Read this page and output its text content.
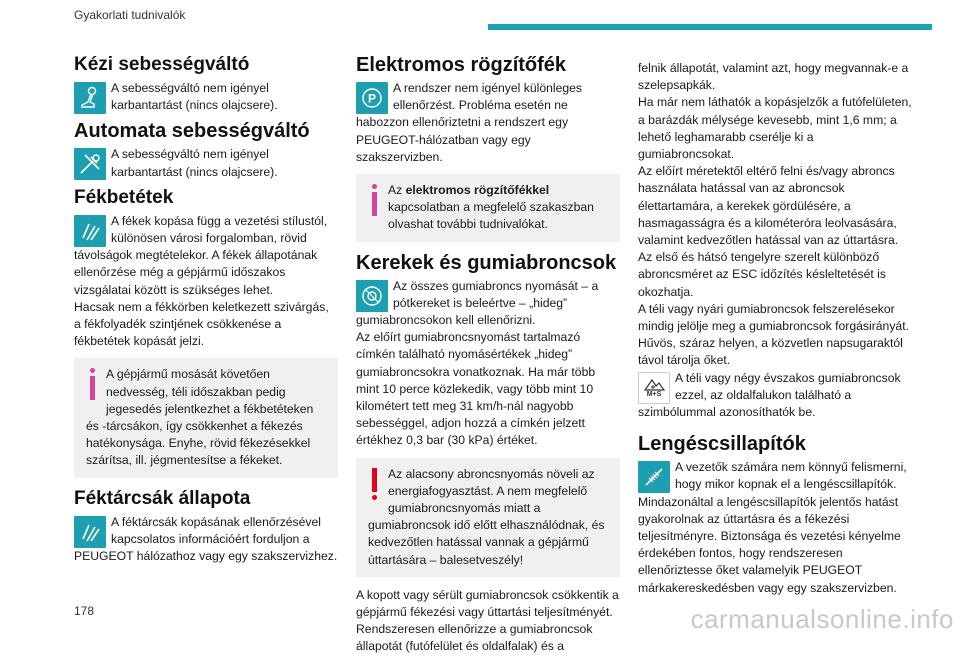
Gyakorlati tudnivalók
Kézi sebességváltó

A sebességváltó nem igényel karbantartást (nincs olajcsere).

Automata sebességváltó

A sebességváltó nem igényel karbantartást (nincs olajcsere).

Fékbetétek

A fékek kopása függ a vezetési stílustól, különösen városi forgalomban, rövid távolságok megtételekor. A fékek állapotának ellenőrzése még a gépjármű időszakos vizsgálatai között is szükséges lehet.

Hacsak nem a fékkörben keletkezett szivárgás, a fékfolyadék szintjének csökkenése a fékbetétek kopását jelzi.

A gépjármű mosását követően nedvesség, téli időszakban pedig jegesedés jelentkezhet a fékbetéteken és -tárcsákon, így csökkenhet a fékezés hatékonysága. Enyhe, rövid fékezésekkel szárítsa, ill. jégmentesítse a fékeket.

Féktárcsák állapota

A féktárcsák kopásának ellenőrzésével kapcsolatos információért forduljon a PEUGEOT hálózathoz vagy egy szakszervizhez.

Elektromos rögzítőfék
P

A rendszer nem igényel különleges ellenőrzést. Probléma esetén ne habozzon ellenőriztetni a rendszert egy PEUGEOT-hálózatban vagy egy szakszervizben.

Az elektromos rögzítőfékkel kapcsolatban a megfelelő szakaszban olvashat további tudnivalókat.

Kerekek és gumiabroncsok

Az összes gumiabroncs nyomását – a pótkereket is beleértve – „hideg” gumiabroncsokon kell ellenőrizni.

Az előírt gumiabroncsnyomást tartalmazó címkén található nyomásértékek „hideg” gumiabroncsokra vonatkoznak. Ha már több mint 10 perce közlekedik, vagy több mint 10 kilométert tett meg 31 km/h-nál nagyobb sebességgel, adjon hozzá a címkén jelzett értékhez 0,3 bar (30 kPa) értéket.

Az alacsony abroncsnyomás növeli az energiafogyasztást. A nem megfelelő gumiabroncsnyomás miatt a gumiabroncsok idő előtt elhasználódnak, és kedvezőtlen hatással vannak a gépjármű úttartására – balesetveszély!

A kopott vagy sérült gumiabroncsok csökkentik a gépjármű fékezési vagy úttartási teljesítményét. Rendszeresen ellenőrizze a gumiabroncsok állapotát (futófelület és oldalfalak) és a

felnik állapotát, valamint azt, hogy megvannak-e a szelepsapkák.

Ha már nem láthatók a kopásjelzők a futófelületen, a barázdák mélysége kevesebb, mint 1,6 mm; a lehető leghamarabb cserélje ki a gumiabroncsokat.

Az előírt méretektől eltérő felni és/vagy abroncs használata hatással van az abroncsok élettartamára, a kerekek gördülésére, a hasmagasságra és a kilométeróra leolvasására, valamint kedvezőtlen hatással van az úttartásra.

Az első és hátsó tengelyre szerelt különböző abroncsméret az ESC időzítés késleltetését is okozhatja.

A téli vagy nyári gumiabroncsok felszerelésekor mindig jelölje meg a gumiabroncsok forgásirányát. Hűvös, száraz helyen, a közvetlen napsugaraktól távol tárolja őket.

M+S

A téli vagy négy évszakos gumiabroncsok ezzel, az oldalfalukon található a szimbólummal azonosíthatók be.

Lengéscsillapítók

A vezetők számára nem könnyű felismerni, hogy mikor kopnak el a lengéscsillapítók. Mindazonáltal a lengéscsillapítók jelentős hatást gyakorolnak az úttartásra és a fékezési teljesítményre. Biztonsága és vezetési kényelme érdekében fontos, hogy rendszeresen ellenőriztesse őket valamelyik PEUGEOT márkakereskedésben vagy egy szakszervizben.

178	carmanualsonline.info
